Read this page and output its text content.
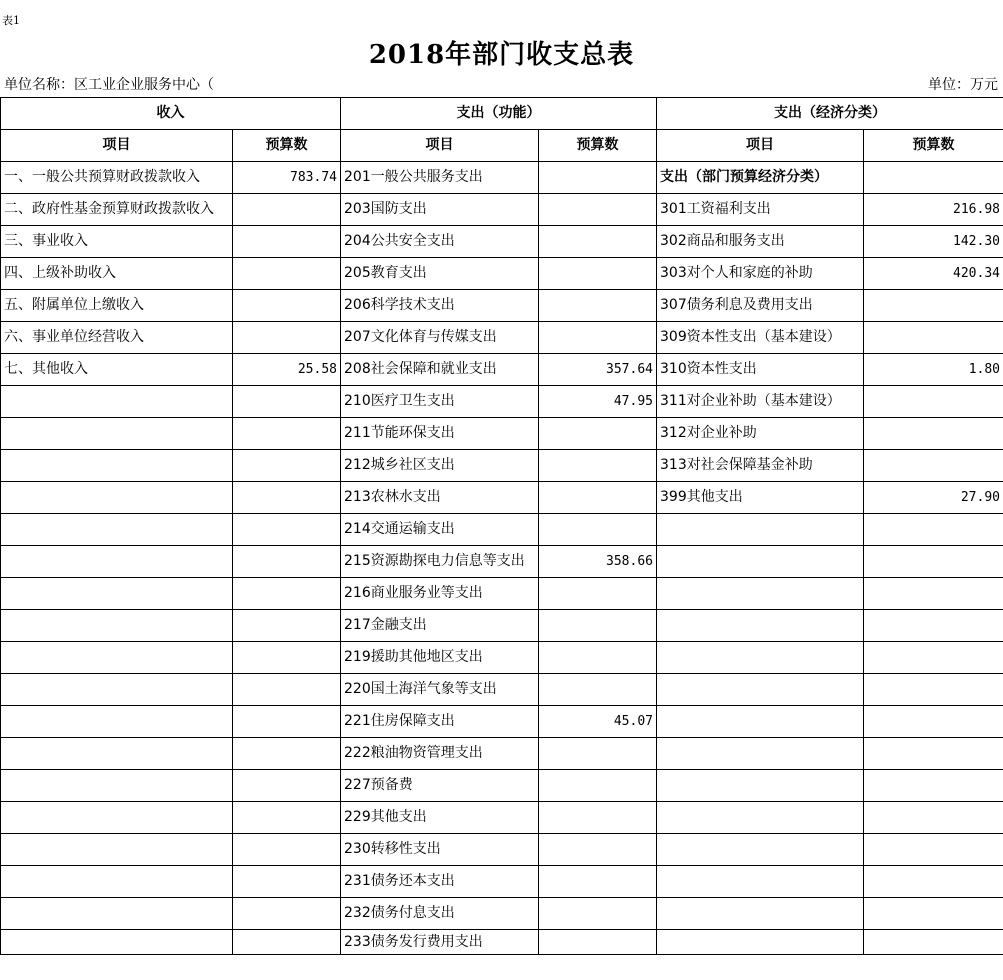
表1
2018年部门收支总表
单位名称：区工业企业服务中心（	单位：万元
收入		支出（功能）		支出（经济分类）	
项目	预算数	项目	预算数	项目	预算数
一、一般公共预算财政拨款收入	783.74	201一般公共服务支出		支出（部门预算经济分类）	
二、政府性基金预算财政拨款收入		203国防支出		301工资福利支出	216.98
三、事业收入		204公共安全支出		302商品和服务支出	142.30
四、上级补助收入		205教育支出		303对个人和家庭的补助	420.34
五、附属单位上缴收入		206科学技术支出		307债务利息及费用支出	
六、事业单位经营收入		207文化体育与传媒支出		309资本性支出（基本建设）	
七、其他收入	25.58	208社会保障和就业支出	357.64	310资本性支出	1.80
		210医疗卫生支出	47.95	311对企业补助（基本建设）	
		211节能环保支出		312对企业补助	
		212城乡社区支出		313对社会保障基金补助	
		213农林水支出		399其他支出	27.90
		214交通运输支出			
		215资源勘探电力信息等支出	358.66		
		216商业服务业等支出			
		217金融支出			
		219援助其他地区支出			
		220国土海洋气象等支出			
		221住房保障支出	45.07		
		222粮油物资管理支出			
		227预备费			
		229其他支出			
		230转移性支出			
		231债务还本支出			
		232债务付息支出			
		233债务发行费用支出			
